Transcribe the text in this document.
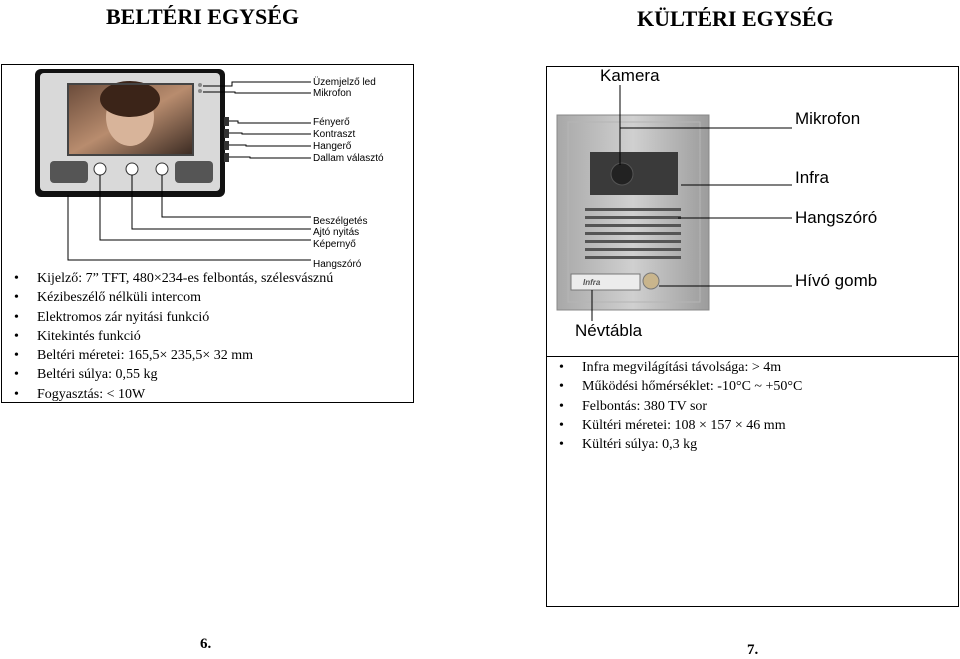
BELTÉRI EGYSÉG
Üzemjelző led
Mikrofon
Fényerő
Kontraszt
Hangerő
Dallam választó
Beszélgetés
Ajtó nyitás
Képernyő
Hangszóró
• Kijelző: 7” TFT, 480×234-es felbontás, szélesvásznú
• Kézibeszélő nélküli intercom
• Elektromos zár nyitási funkció
• Kitekintés funkció
• Beltéri méretei: 165,5× 235,5× 32 mm
• Beltéri súlya: 0,55 kg
• Fogyasztás: < 10W
6.
KÜLTÉRI EGYSÉG
Kamera
Mikrofon
Infra
Hangszóró
Hívó gomb
Névtábla
Infra
• Infra megvilágítási távolsága: > 4m
• Működési hőmérséklet: -10°C ~ +50°C
• Felbontás: 380 TV sor
• Kültéri méretei: 108 × 157 × 46 mm
• Kültéri súlya: 0,3 kg
7.
